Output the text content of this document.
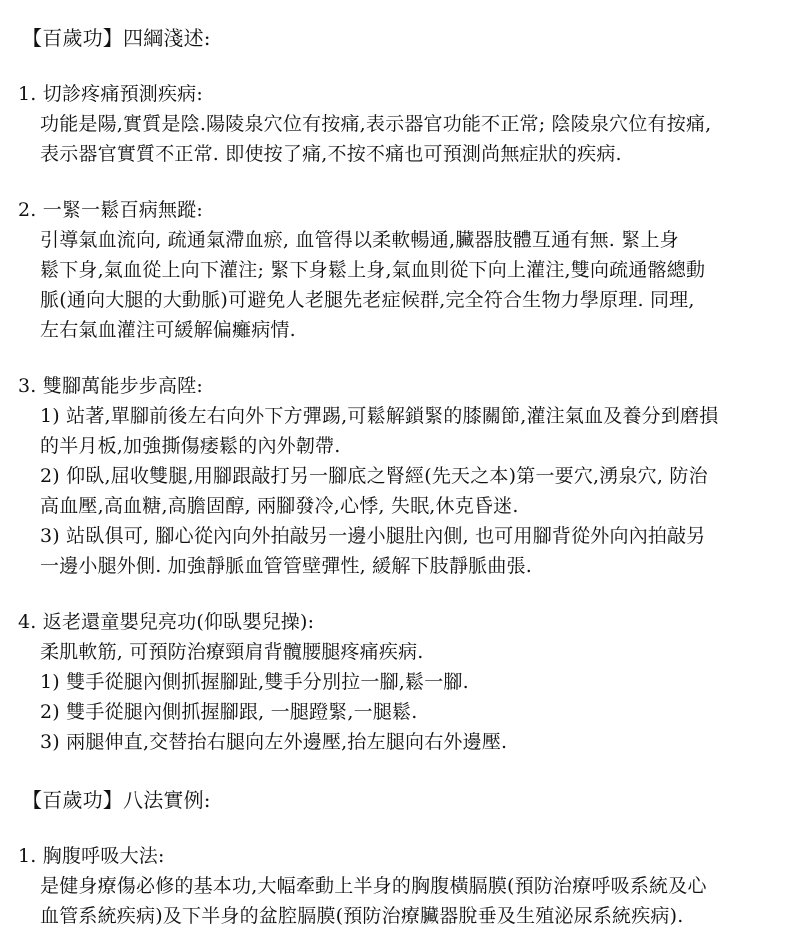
【百歲功】四綱淺述:
1. 切診疼痛預測疾病:
功能是陽,實質是陰.陽陵泉穴位有按痛,表示器官功能不正常; 陰陵泉穴位有按痛,
表示器官實質不正常. 即使按了痛,不按不痛也可預測尚無症狀的疾病.
2. 一緊一鬆百病無蹤:
引導氣血流向, 疏通氣滯血瘀, 血管得以柔軟暢通,臟器肢體互通有無. 緊上身
鬆下身,氣血從上向下灌注; 緊下身鬆上身,氣血則從下向上灌注,雙向疏通髂總動
脈(通向大腿的大動脈)可避免人老腿先老症候群,完全符合生物力學原理. 同理,
左右氣血灌注可緩解偏癱病情.
3. 雙腳萬能步步高陞:
1) 站著,單腳前後左右向外下方彈踢,可鬆解鎖緊的膝關節,灌注氣血及養分到磨損
的半月板,加強撕傷痿鬆的內外韌帶.
2) 仰臥,屈收雙腿,用腳跟敲打另一腳底之腎經(先天之本)第一要穴,湧泉穴, 防治
高血壓,高血糖,高膽固醇, 兩腳發冷,心悸, 失眠,休克昏迷.
3) 站臥俱可, 腳心從內向外拍敲另一邊小腿肚內側, 也可用腳背從外向內拍敲另
一邊小腿外側. 加強靜脈血管管壁彈性, 緩解下肢靜脈曲張.
4. 返老還童嬰兒亮功(仰臥嬰兒操):
柔肌軟筋, 可預防治療頸肩背髖腰腿疼痛疾病.
1) 雙手從腿內側抓握腳趾,雙手分別拉一腳,鬆一腳.
2) 雙手從腿內側抓握腳跟, 一腿蹬緊,一腿鬆.
3) 兩腿伸直,交替抬右腿向左外邊壓,抬左腿向右外邊壓.
【百歲功】八法實例:
1. 胸腹呼吸大法:
是健身療傷必修的基本功,大幅牽動上半身的胸腹橫膈膜(預防治療呼吸系統及心
血管系統疾病)及下半身的盆腔膈膜(預防治療臟器脫垂及生殖泌尿系統疾病).
